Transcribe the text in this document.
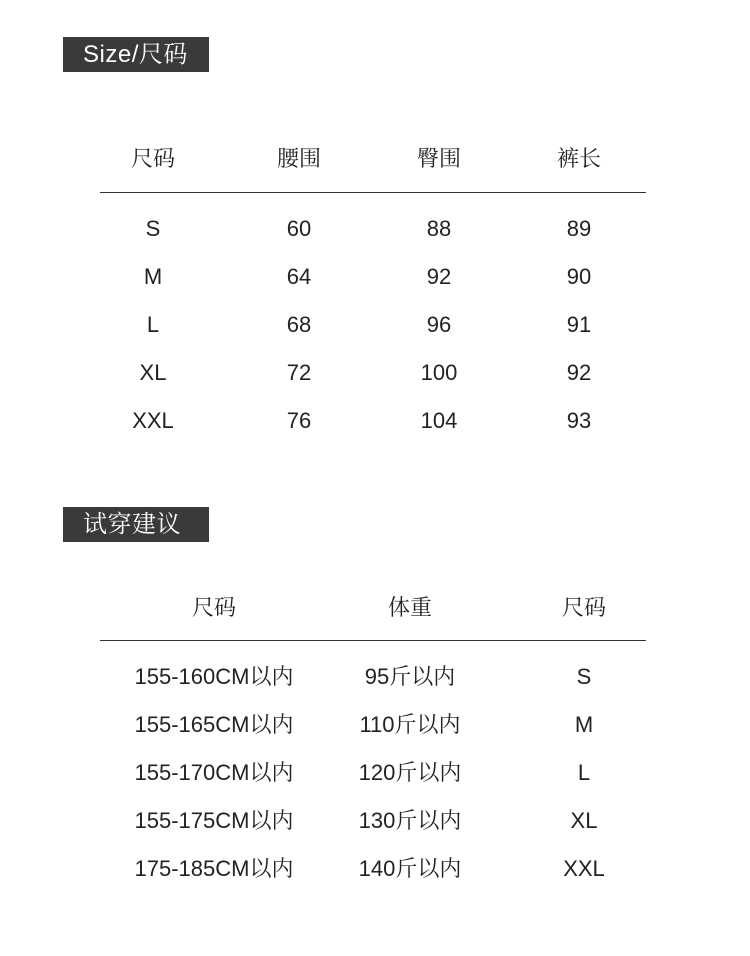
Size/尺码
尺码	腰围	臀围	裤长
S	60	88	89
M	64	92	90
L	68	96	91
XL	72	100	92
XXL	76	104	93
试穿建议
尺码	体重	尺码
155-160CM以内	95斤以内	S
155-165CM以内	110斤以内	M
155-170CM以内	120斤以内	L
155-175CM以内	130斤以内	XL
175-185CM以内	140斤以内	XXL
